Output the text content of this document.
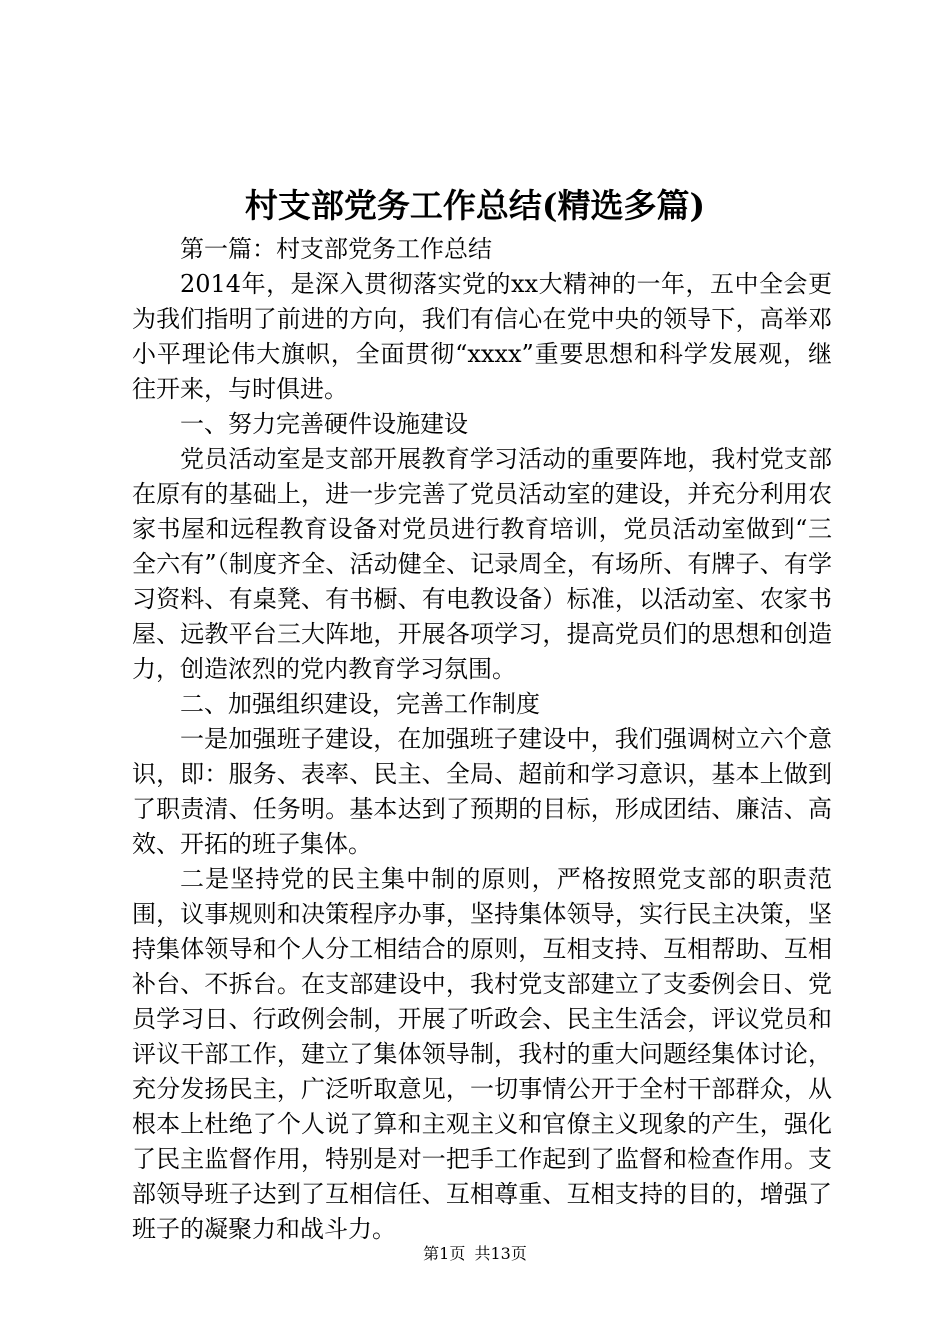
村支部党务工作总结(精选多篇)

第一篇：村支部党务工作总结

2014年，是深入贯彻落实党的xx大精神的一年，五中全会更为我们指明了前进的方向，我们有信心在党中央的领导下，高举邓小平理论伟大旗帜，全面贯彻“xxxx”重要思想和科学发展观，继往开来，与时俱进。

一、努力完善硬件设施建设

党员活动室是支部开展教育学习活动的重要阵地，我村党支部在原有的基础上，进一步完善了党员活动室的建设，并充分利用农家书屋和远程教育设备对党员进行教育培训，党员活动室做到“三全六有”（制度齐全、活动健全、记录周全，有场所、有牌子、有学习资料、有桌凳、有书橱、有电教设备）标准，以活动室、农家书屋、远教平台三大阵地，开展各项学习，提高党员们的思想和创造力，创造浓烈的党内教育学习氛围。

二、加强组织建设，完善工作制度

一是加强班子建设，在加强班子建设中，我们强调树立六个意识，即：服务、表率、民主、全局、超前和学习意识，基本上做到了职责清、任务明。基本达到了预期的目标，形成团结、廉洁、高效、开拓的班子集体。

二是坚持党的民主集中制的原则，严格按照党支部的职责范围，议事规则和决策程序办事，坚持集体领导，实行民主决策，坚持集体领导和个人分工相结合的原则，互相支持、互相帮助、互相补台、不拆台。在支部建设中，我村党支部建立了支委例会日、党员学习日、行政例会制，开展了听政会、民主生活会，评议党员和评议干部工作，建立了集体领导制，我村的重大问题经集体讨论，充分发扬民主，广泛听取意见，一切事情公开于全村干部群众，从根本上杜绝了个人说了算和主观主义和官僚主义现象的产生，强化了民主监督作用，特别是对一把手工作起到了监督和检查作用。支部领导班子达到了互相信任、互相尊重、互相支持的目的，增强了班子的凝聚力和战斗力。

第1页 共13页
